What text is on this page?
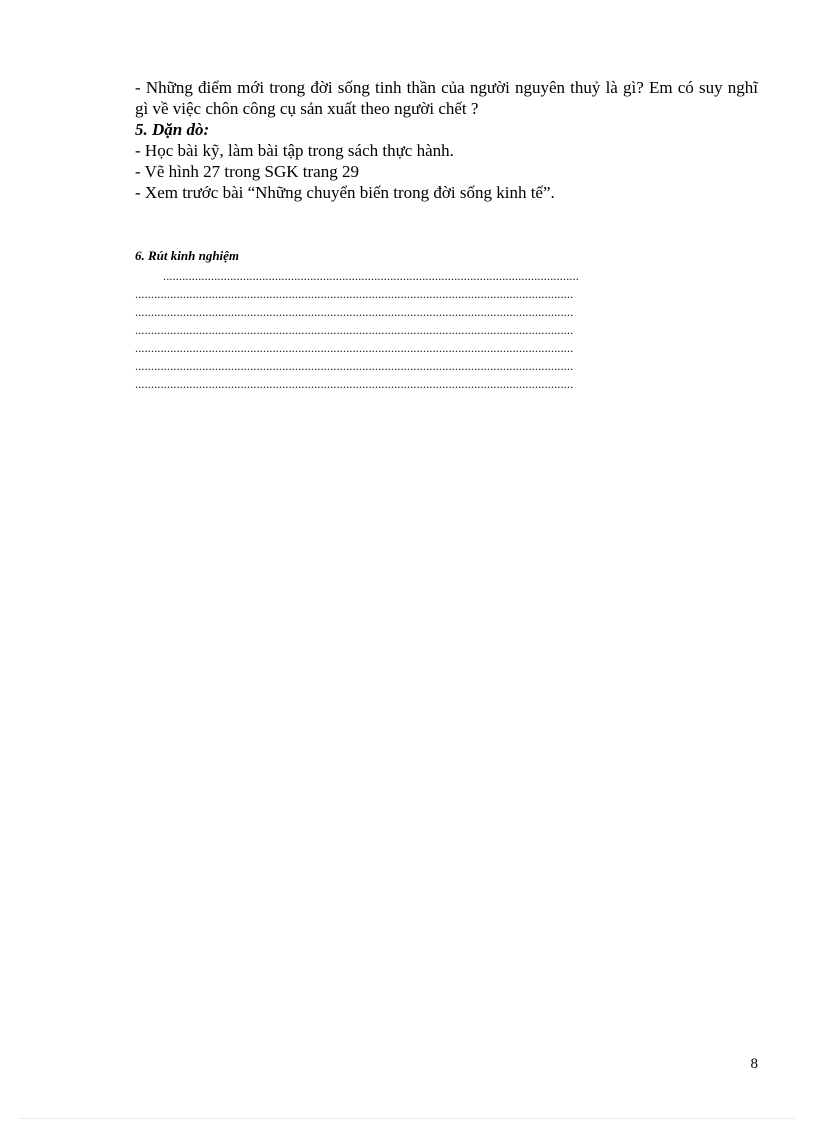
- Những điểm mới trong đời sống tinh thần của người nguyên thuỷ là gì? Em có suy nghĩ gì về việc chôn công cụ sản xuất theo người chết ?

5. Dặn dò:

- Học bài kỹ, làm bài tập trong sách thực hành.
- Vẽ hình 27 trong SGK trang 29
- Xem trước bài “Những chuyển biến trong đời sống kinh tế”.

6. Rút kinh nghiệm

..................................................................................................................................

.........................................................................................................................................

.........................................................................................................................................

.........................................................................................................................................

.........................................................................................................................................

.........................................................................................................................................

.........................................................................................................................................

8
